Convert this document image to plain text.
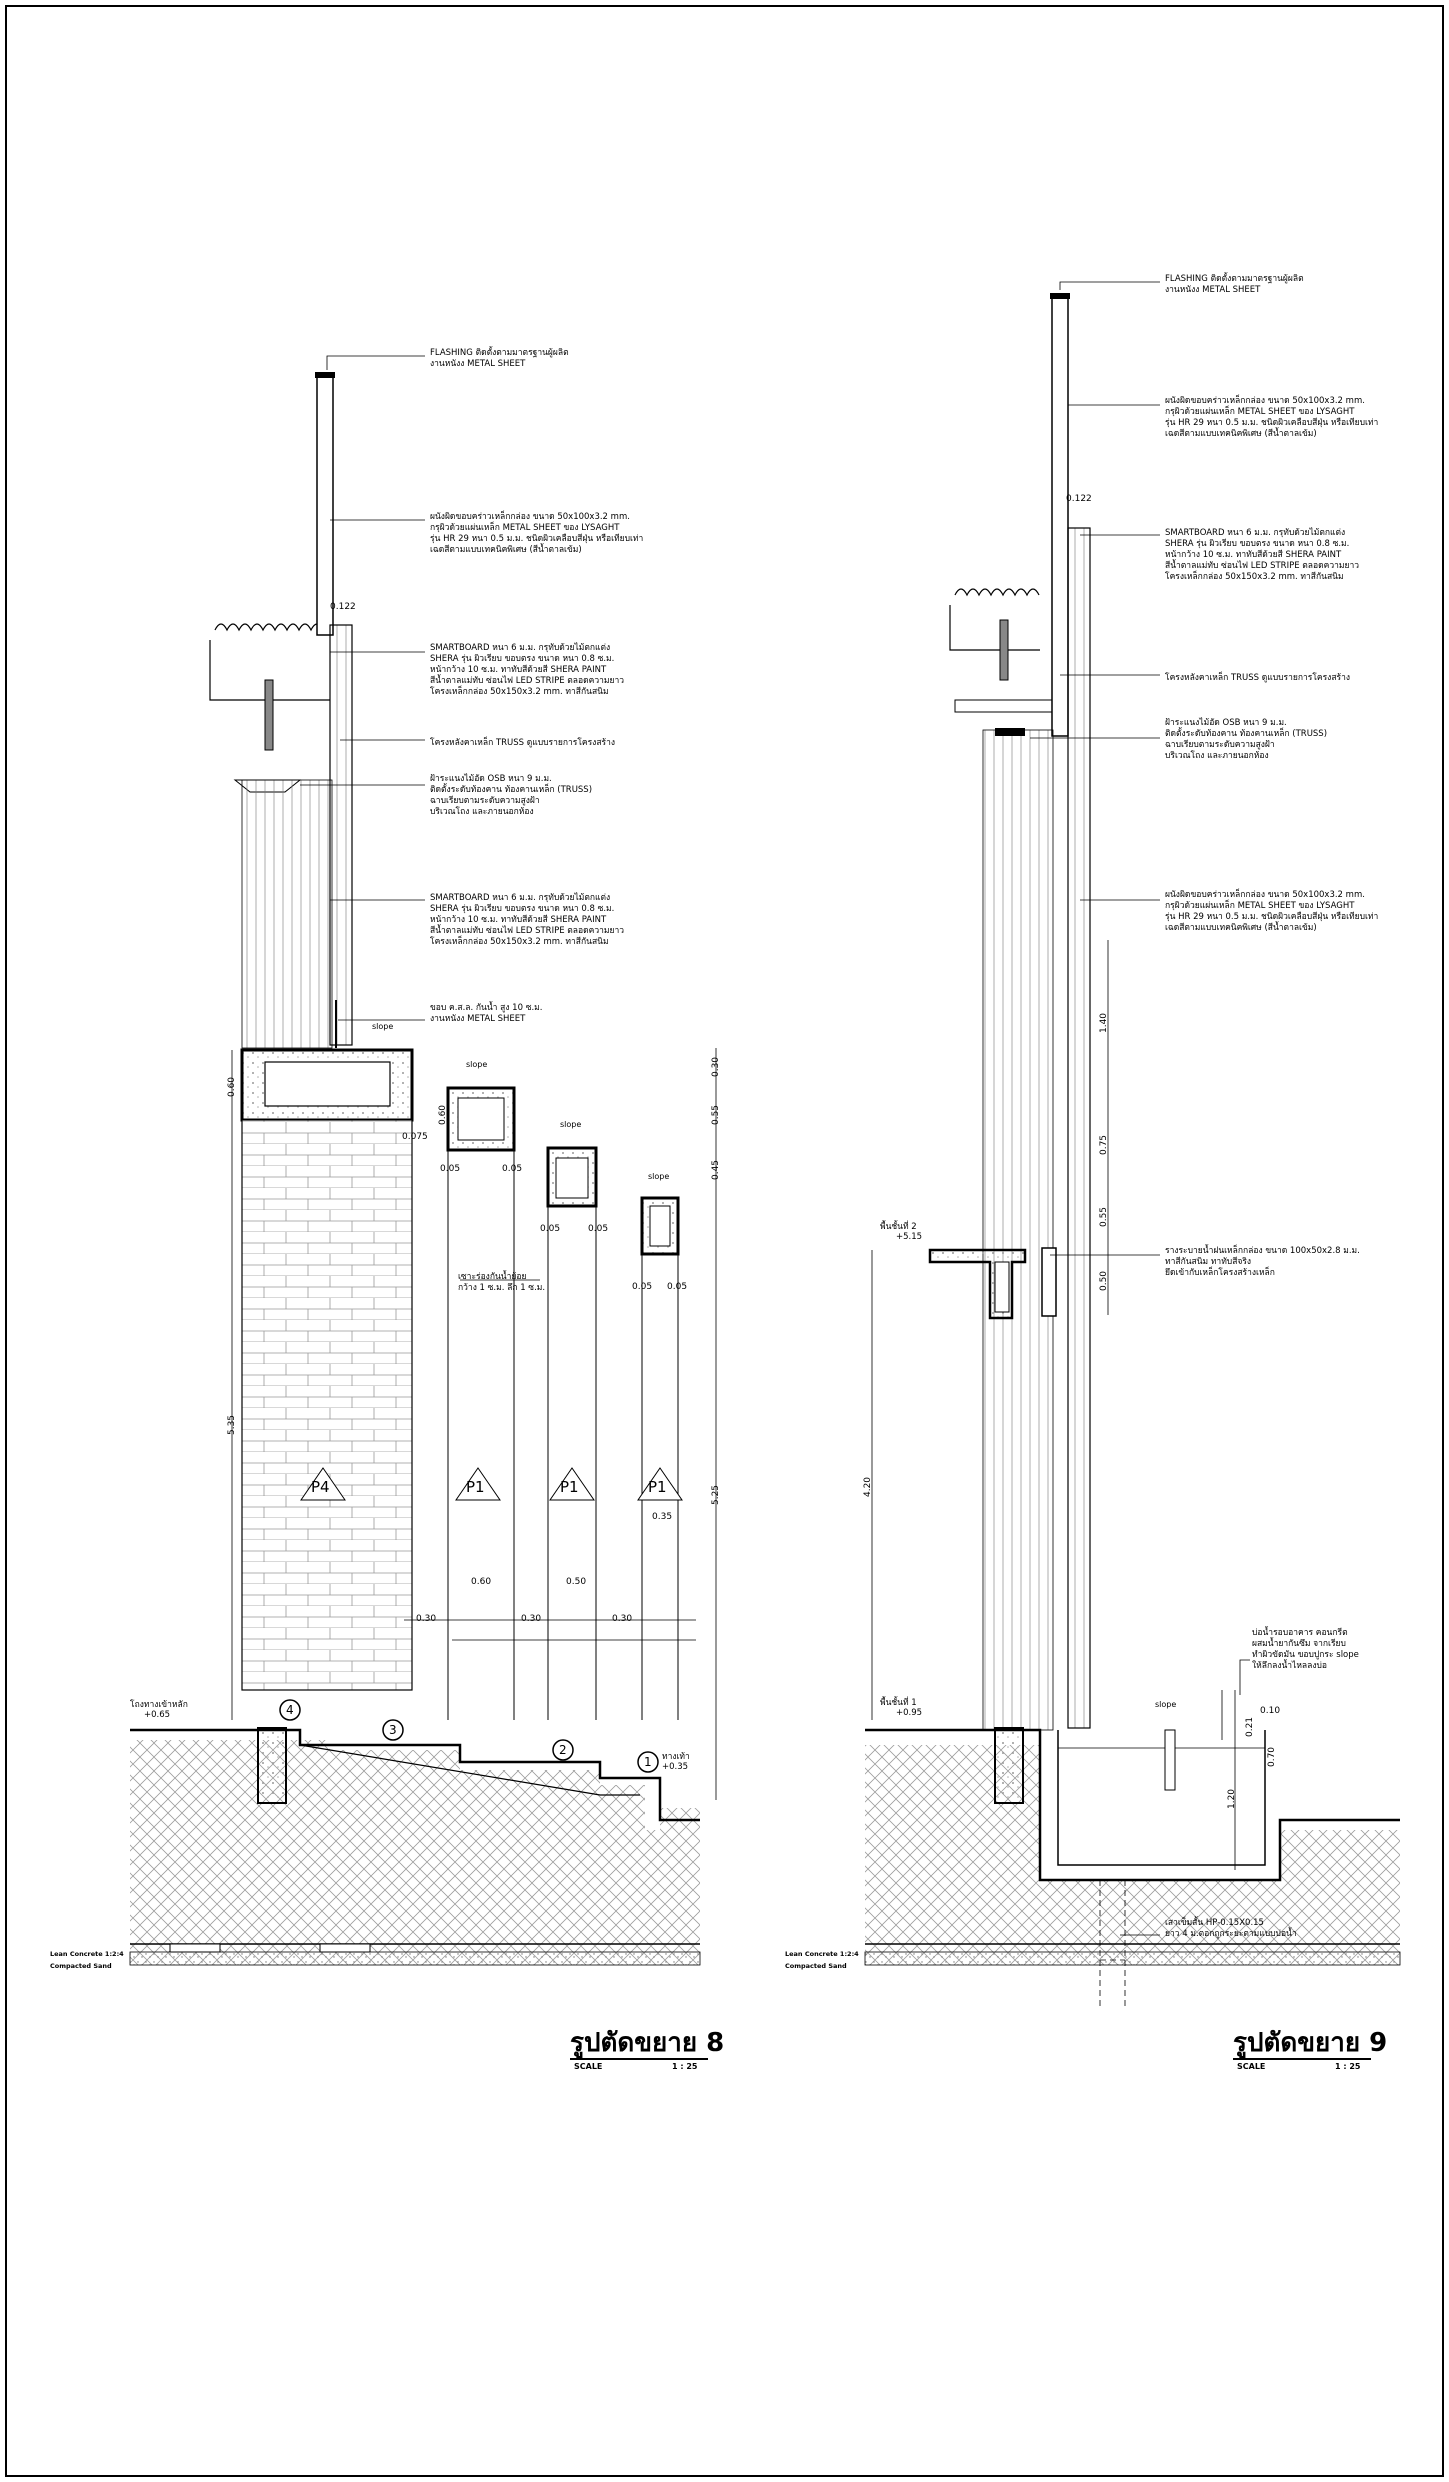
FLASHING ติดตั้งตามมาตรฐานผู้ผลิต
งานหนังง METAL SHEET
ผนังผิดขอบคร่าวเหล็กกล่อง ขนาด 50x100x3.2 mm.
กรุผิวด้วยแผ่นเหล็ก METAL SHEET ของ LYSAGHT
รุ่น HR 29 หนา 0.5 ม.ม. ชนิดผิวเคลือบสีฝุ่น หรือเทียบเท่า
เฉดสีตามแบบเทคนิคพิเศษ (สีน้ำตาลเข้ม)
SMARTBOARD หนา 6 ม.ม. กรุทับด้วยไม้ตกแต่ง
SHERA รุ่น ผิวเรียบ ขอบตรง ขนาด หนา 0.8 ซ.ม.
หน้ากว้าง 10 ซ.ม. ทาทับสีด้วยสี SHERA PAINT
สีน้ำตาลแม่ทับ ซ่อนไฟ LED STRIPE ตลอดความยาว
โครงเหล็กกล่อง 50x150x3.2 mm. ทาสีกันสนิม
โครงหลังคาเหล็ก TRUSS ดูแบบรายการโครงสร้าง
ฝ้าระแนงไม้อัด OSB หนา 9 ม.ม.
ติดตั้งระดับท้องคาน ท้องคานเหล็ก (TRUSS)
ฉาบเรียบตามระดับความสูงฝ้า
บริเวณโถง และภายนอกห้อง
SMARTBOARD หนา 6 ม.ม. กรุทับด้วยไม้ตกแต่ง
SHERA รุ่น ผิวเรียบ ขอบตรง ขนาด หนา 0.8 ซ.ม.
หน้ากว้าง 10 ซ.ม. ทาทับสีด้วยสี SHERA PAINT
สีน้ำตาลแม่ทับ ซ่อนไฟ LED STRIPE ตลอดความยาว
โครงเหล็กกล่อง 50x150x3.2 mm. ทาสีกันสนิม
ขอบ ค.ส.ล. กันน้ำ สูง 10 ซ.ม.
งานหนังง METAL SHEET
เซาะร่องกันน้ำย้อย
กว้าง 1 ซ.ม. ลึก 1 ซ.ม.
slope
slope
slope
slope
โถงทางเข้าหลัก
+0.65
ทางเท้า
+0.35
Lean Concrete 1:2:4
Compacted Sand
0.122
0.60
0.30
0.55
0.45
5.25
5.35
0.075
0.60
0.05	0.05
0.05	0.05
0.05 0.05
0.60	0.50
0.35
0.30	0.30	0.30
P4	P1	P1	P1
1
2
3
4
รูปตัดขยาย 8
SCALE	1 : 25
FLASHING ติดตั้งตามมาตรฐานผู้ผลิต
งานหนังง METAL SHEET
ผนังผิดขอบคร่าวเหล็กกล่อง ขนาด 50x100x3.2 mm.
กรุผิวด้วยแผ่นเหล็ก METAL SHEET ของ LYSAGHT
รุ่น HR 29 หนา 0.5 ม.ม. ชนิดผิวเคลือบสีฝุ่น หรือเทียบเท่า
เฉดสีตามแบบเทคนิคพิเศษ (สีน้ำตาลเข้ม)
SMARTBOARD หนา 6 ม.ม. กรุทับด้วยไม้ตกแต่ง
SHERA รุ่น ผิวเรียบ ขอบตรง ขนาด หนา 0.8 ซ.ม.
หน้ากว้าง 10 ซ.ม. ทาทับสีด้วยสี SHERA PAINT
สีน้ำตาลแม่ทับ ซ่อนไฟ LED STRIPE ตลอดความยาว
โครงเหล็กกล่อง 50x150x3.2 mm. ทาสีกันสนิม
โครงหลังคาเหล็ก TRUSS ดูแบบรายการโครงสร้าง
ฝ้าระแนงไม้อัด OSB หนา 9 ม.ม.
ติดตั้งระดับท้องคาน ท้องคานเหล็ก (TRUSS)
ฉาบเรียบตามระดับความสูงฝ้า
บริเวณโถง และภายนอกห้อง
ผนังผิดขอบคร่าวเหล็กกล่อง ขนาด 50x100x3.2 mm.
กรุผิวด้วยแผ่นเหล็ก METAL SHEET ของ LYSAGHT
รุ่น HR 29 หนา 0.5 ม.ม. ชนิดผิวเคลือบสีฝุ่น หรือเทียบเท่า
เฉดสีตามแบบเทคนิคพิเศษ (สีน้ำตาลเข้ม)
รางระบายน้ำฝนเหล็กกล่อง ขนาด 100x50x2.8 ม.ม.
ทาสีกันสนิม ทาทับสีจริง
ยึดเข้ากับเหล็กโครงสร้างเหล็ก
บ่อน้ำรอบอาคาร คอนกรีต
ผสมน้ำยากันซึม จากเรียบ
ทำผิวขัดมัน ขอบปูกระ slope
ให้ลึกลงน้ำไหลลงบ่อ
เสาเข็มสั้น HP-0.15X0.15
ยาว 4 ม.ตอกถูกระยะตามแบบบ่อน้ำ
slope
พื้นชั้นที่ 2
+5.15
พื้นชั้นที่ 1
+0.95
Lean Concrete 1:2:4
Compacted Sand
0.122
1.40
0.75
0.55
0.50
4.20
0.10
0.21
0.70
1.20
รูปตัดขยาย 9
SCALE	1 : 25
